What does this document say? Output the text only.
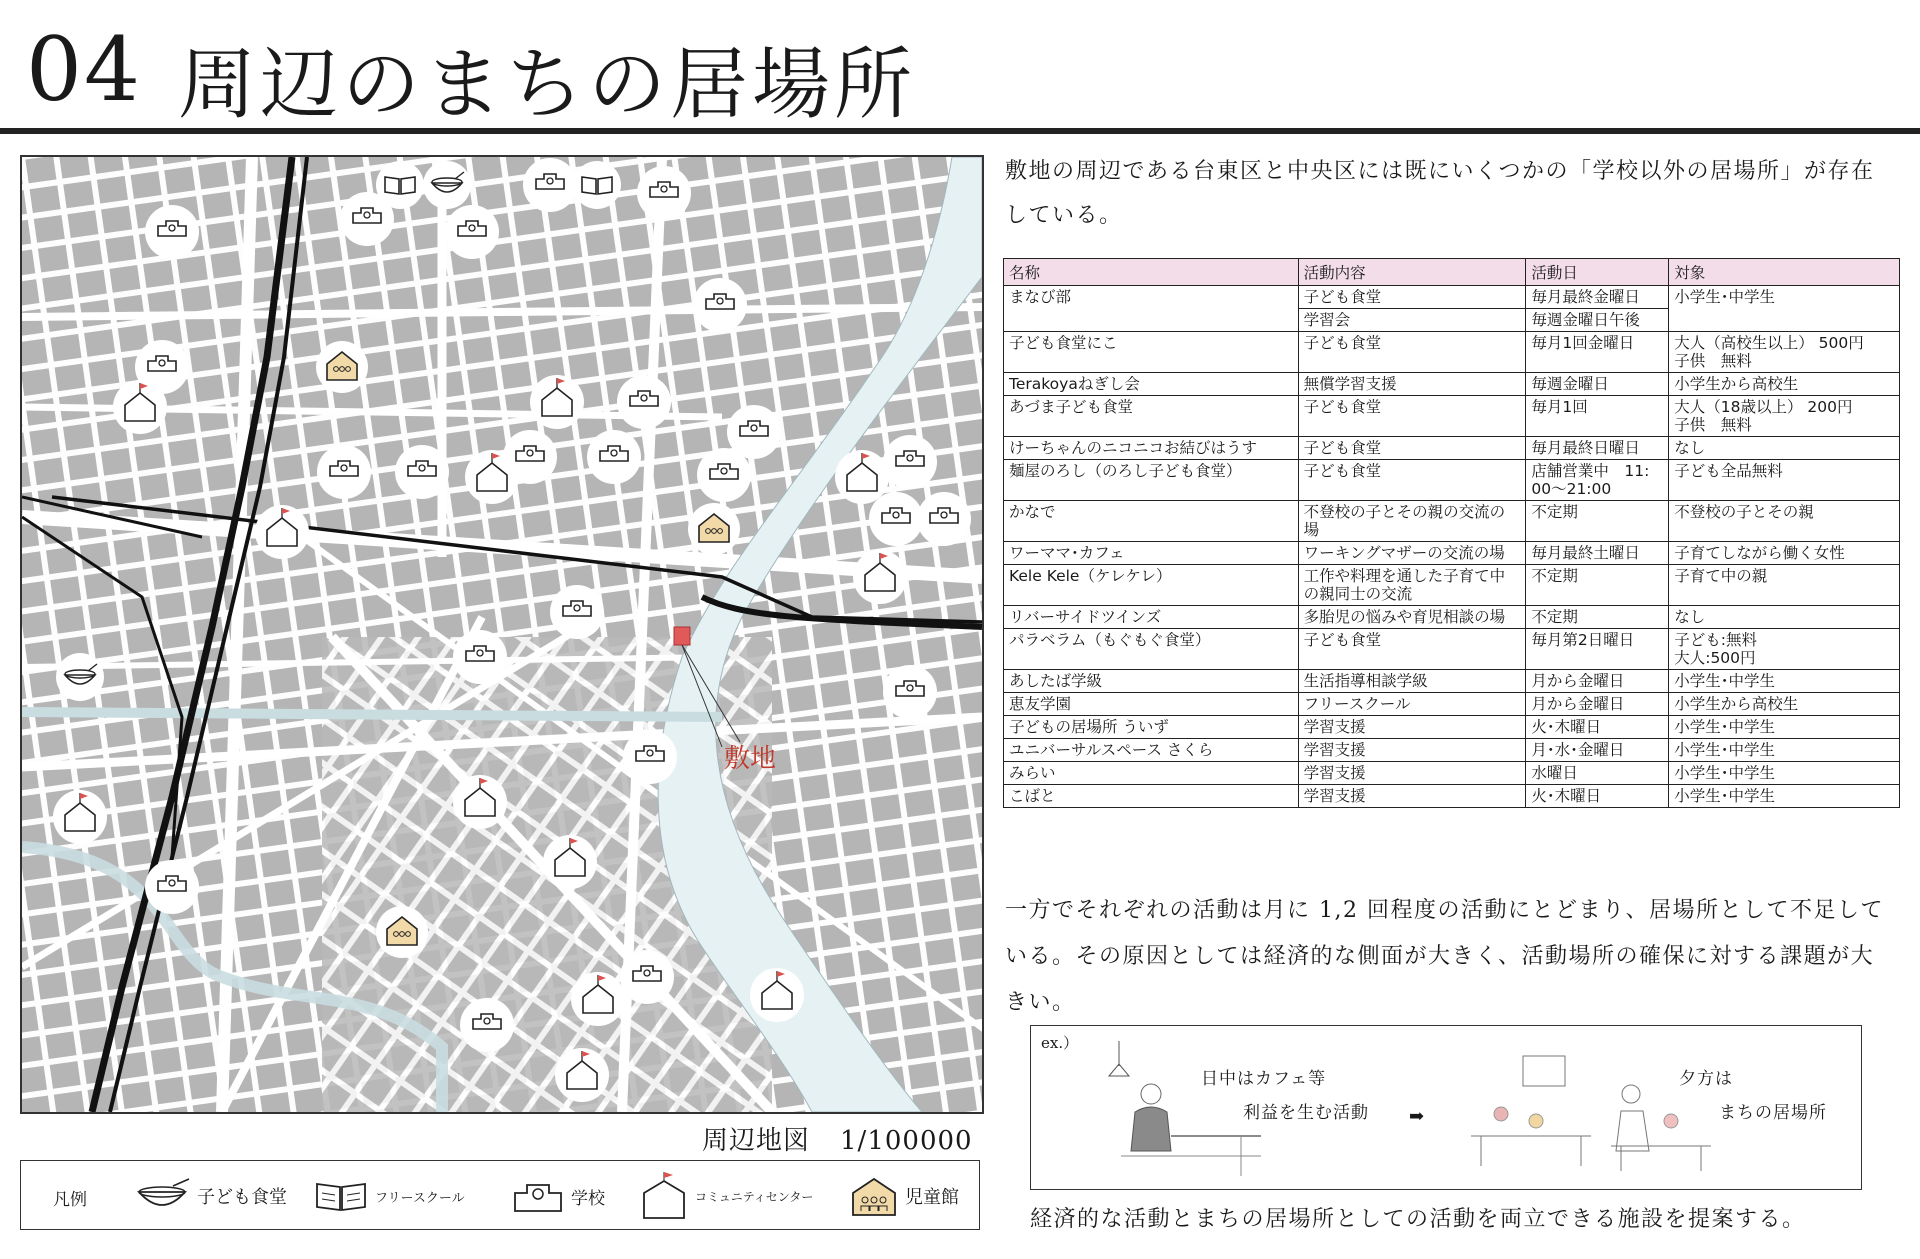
04 周辺のまちの居場所
敷地
周辺地図 1/100000
凡例	子ども食堂	フリースクール	学校	コミュニティセンター	児童館
敷地の周辺である台東区と中央区には既にいくつかの「学校以外の居場所」が存在している。
名称	活動内容	活動日	対象
まなび部	子ども食堂	毎月最終金曜日	小学生･中学生
	学習会	毎週金曜日午後	
子ども食堂にこ	子ども食堂	毎月1回金曜日	大人（高校生以上） 500円
子供　無料
Terakoyaねぎし会	無償学習支援	毎週金曜日	小学生から高校生
あづま子ども食堂	子ども食堂	毎月1回	大人（18歳以上） 200円
子供　無料
けーちゃんのニコニコお結びはうす	子ども食堂	毎月最終日曜日	なし
麺屋のろし（のろし子ども食堂）	子ども食堂	店舗営業中　11:
00～21:00	子ども全品無料
かなで	不登校の子とその親の交流の場	不定期	不登校の子とその親
ワーママ･カフェ	ワーキングマザーの交流の場	毎月最終土曜日	子育てしながら働く女性
Kele Kele（ケレケレ）	工作や料理を通した子育て中の親同士の交流	不定期	子育て中の親
リバーサイドツインズ	多胎児の悩みや育児相談の場	不定期	なし
パラベラム（もぐもぐ食堂）	子ども食堂	毎月第2日曜日	子ども:無料
大人:500円
あしたば学級	生活指導相談学級	月から金曜日	小学生･中学生
恵友学園	フリースクール	月から金曜日	小学生から高校生
子どもの居場所 ういず	学習支援	火･木曜日	小学生･中学生
ユニバーサルスペース さくら	学習支援	月･水･金曜日	小学生･中学生
みらい	学習支援	水曜日	小学生･中学生
こばと	学習支援	火･木曜日	小学生･中学生
一方でそれぞれの活動は月に 1,2 回程度の活動にとどまり、居場所として不足している。その原因としては経済的な側面が大きく、活動場所の確保に対する課題が大きい。
ex.）
日中はカフェ等
利益を生む活動 ➡
夕方は
まちの居場所
経済的な活動とまちの居場所としての活動を両立できる施設を提案する。
